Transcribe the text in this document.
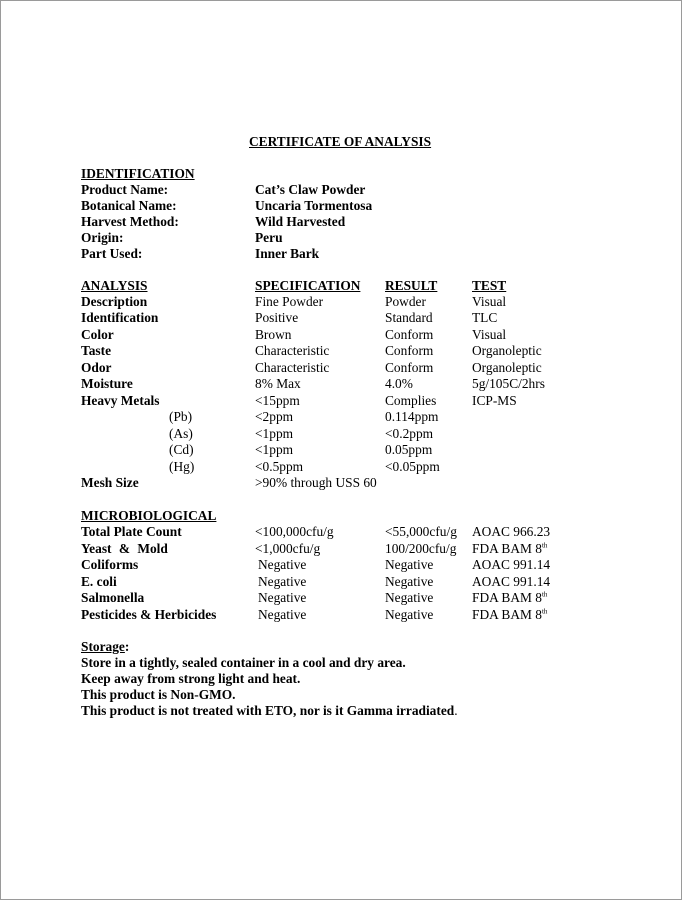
CERTIFICATE OF ANALYSIS
IDENTIFICATION
Product Name:	Cat’s Claw Powder
Botanical Name:	Uncaria Tormentosa
Harvest Method:	Wild Harvested
Origin:	Peru
Part Used:	Inner Bark
ANALYSIS	SPECIFICATION RESULT	TEST
Description	Fine Powder	Powder	Visual
Identification	Positive	Standard	TLC
Color	Brown	Conform	Visual
Taste	Characteristic	Conform	Organoleptic
Odor	Characteristic	Conform	Organoleptic
Moisture	8% Max	4.0%	5g/105C/2hrs
Heavy Metals	<15ppm	Complies	ICP-MS
(Pb)	<2ppm	0.114ppm
(As)	<1ppm	<0.2ppm
(Cd)	<1ppm	0.05ppm
(Hg)	<0.5ppm	<0.05ppm
Mesh Size	>90% through USS 60
MICROBIOLOGICAL
Total Plate Count	<100,000cfu/g	<55,000cfu/g AOAC 966.23
Yeast & Mold	<1,000cfu/g	100/200cfu/g FDA BAM 8th
Coliforms	Negative	Negative	AOAC 991.14
E. coli	Negative	Negative	AOAC 991.14
Salmonella	Negative	Negative	FDA BAM 8th
Pesticides & Herbicides	Negative	Negative	FDA BAM 8th
Storage:
Store in a tightly, sealed container in a cool and dry area.
Keep away from strong light and heat.
This product is Non-GMO.
This product is not treated with ETO, nor is it Gamma irradiated.
